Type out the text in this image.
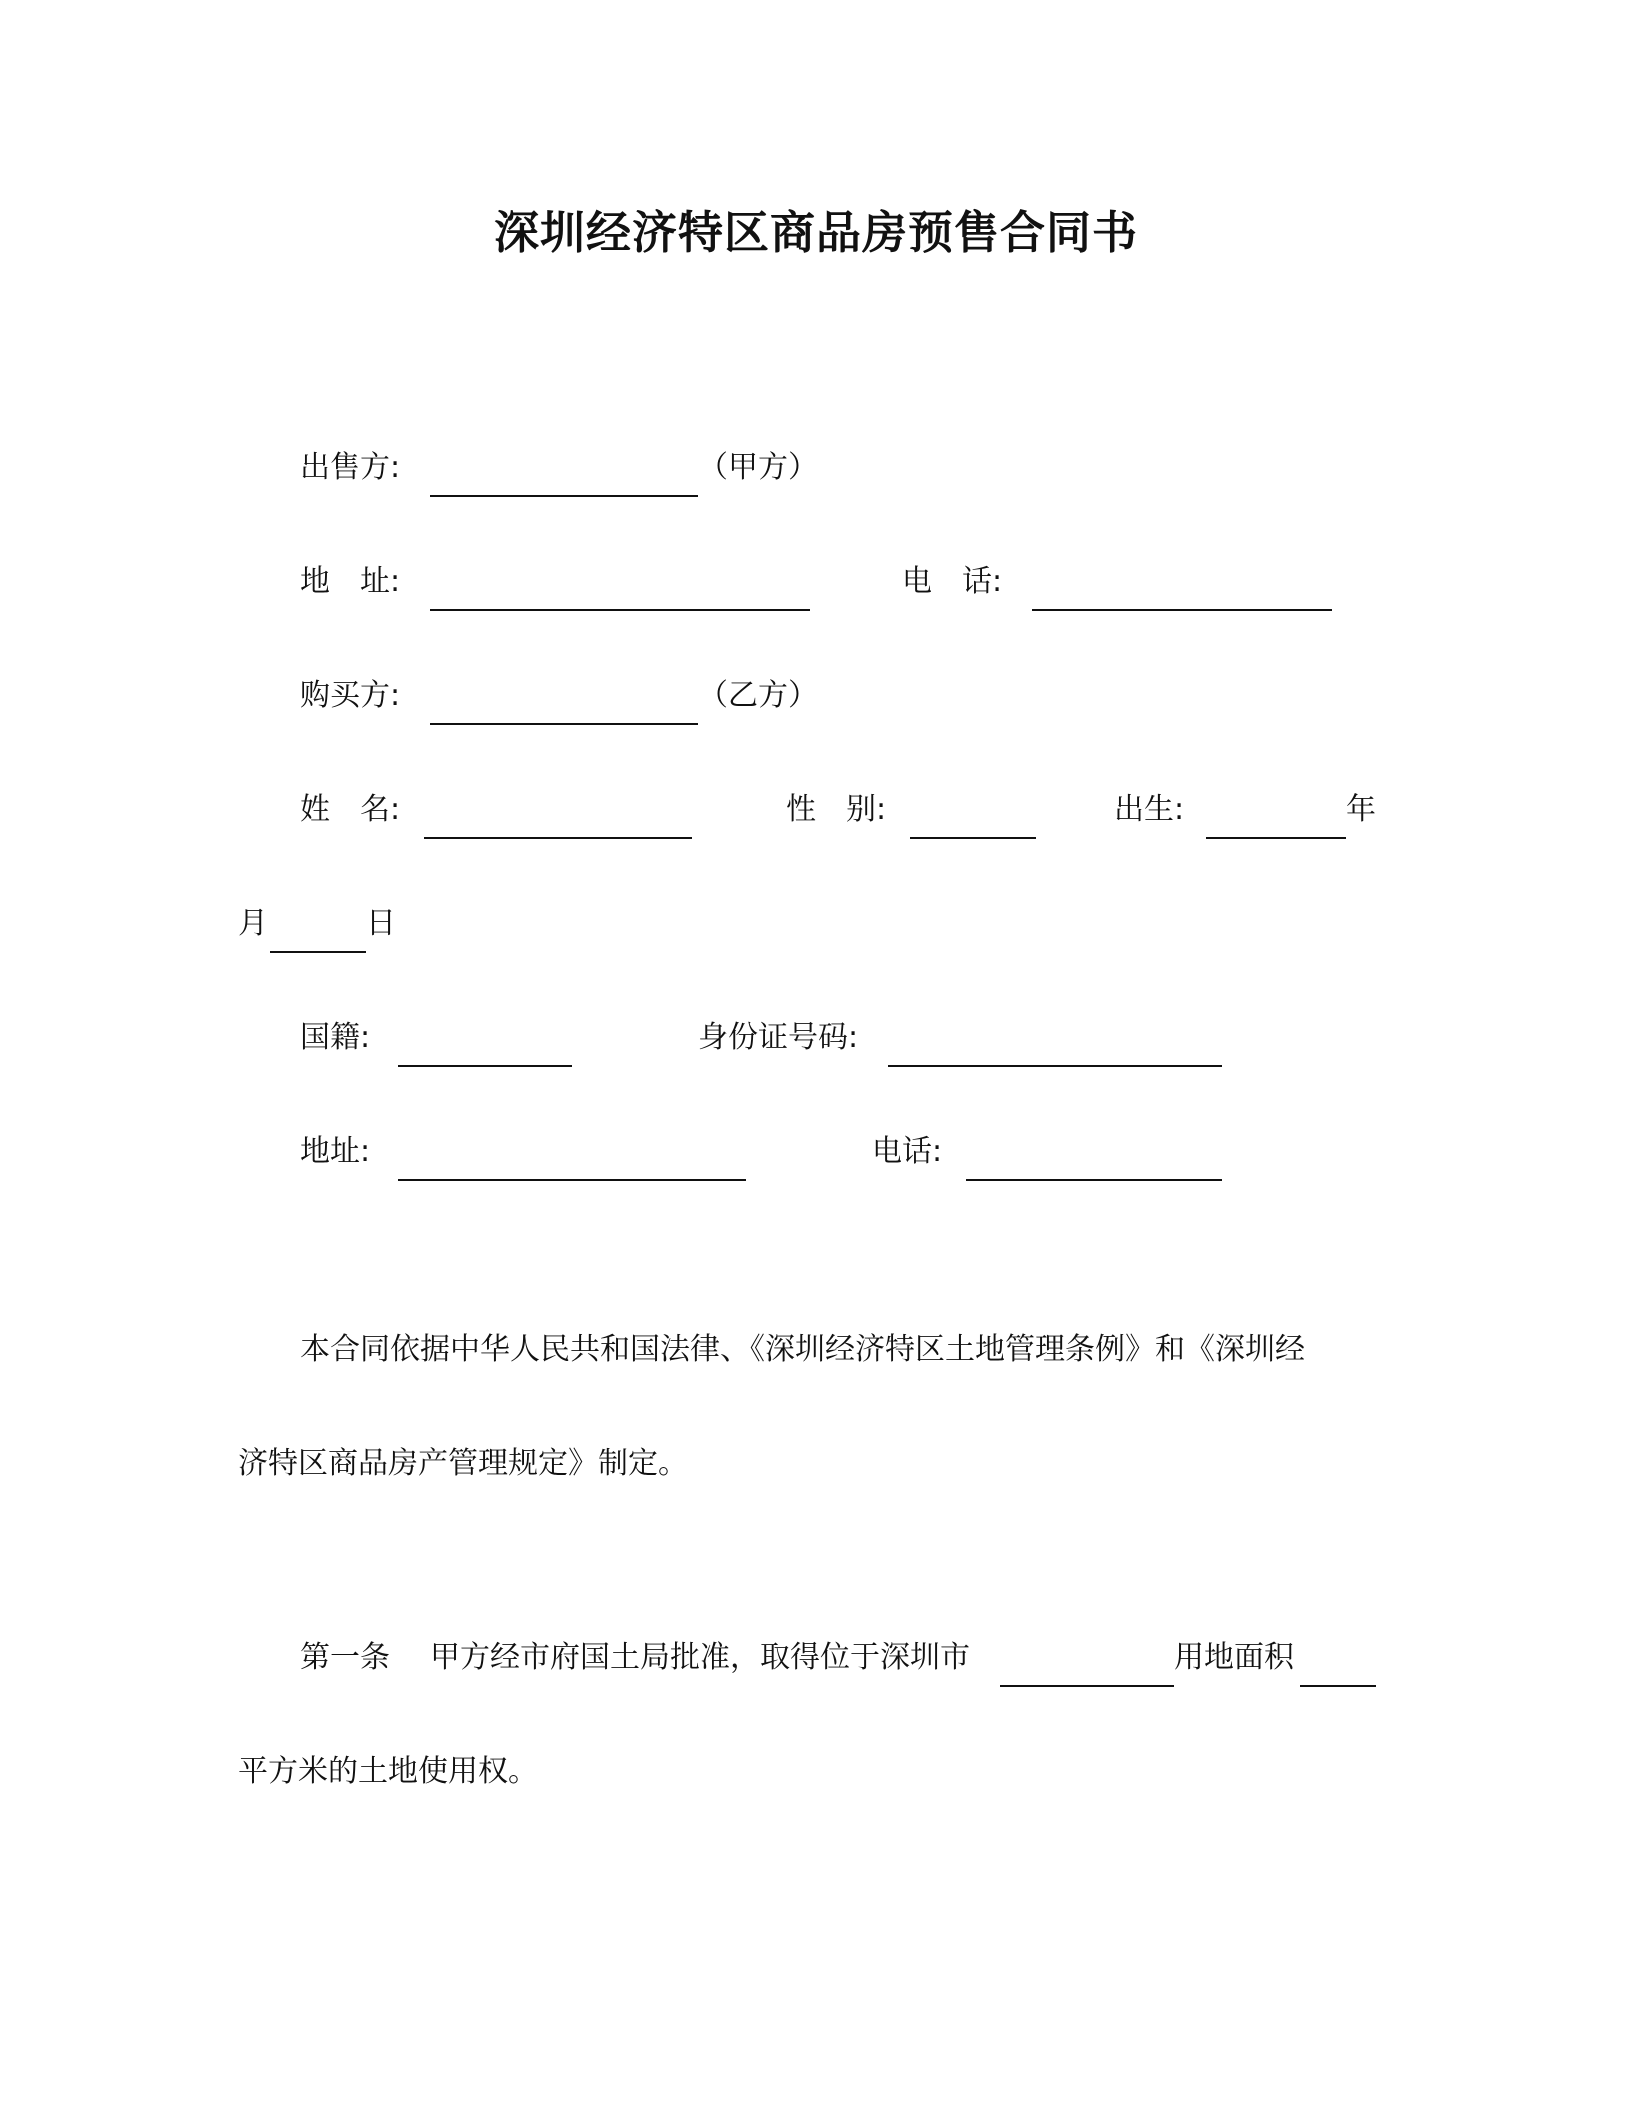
深圳经济特区商品房预售合同书
出售方:	（甲方）
地　址:	电　话:
购买方:	（乙方）
姓　名:	性　别:	出生:	年
月	日
国籍:	身份证号码:
地址:	电话:
本合同依据中华人民共和国法律、《深圳经济特区土地管理条例》和《深圳经
济特区商品房产管理规定》制定。
第一条 甲方经市府国土局批准，取得位于深圳市	用地面积
平方米的土地使用权。
